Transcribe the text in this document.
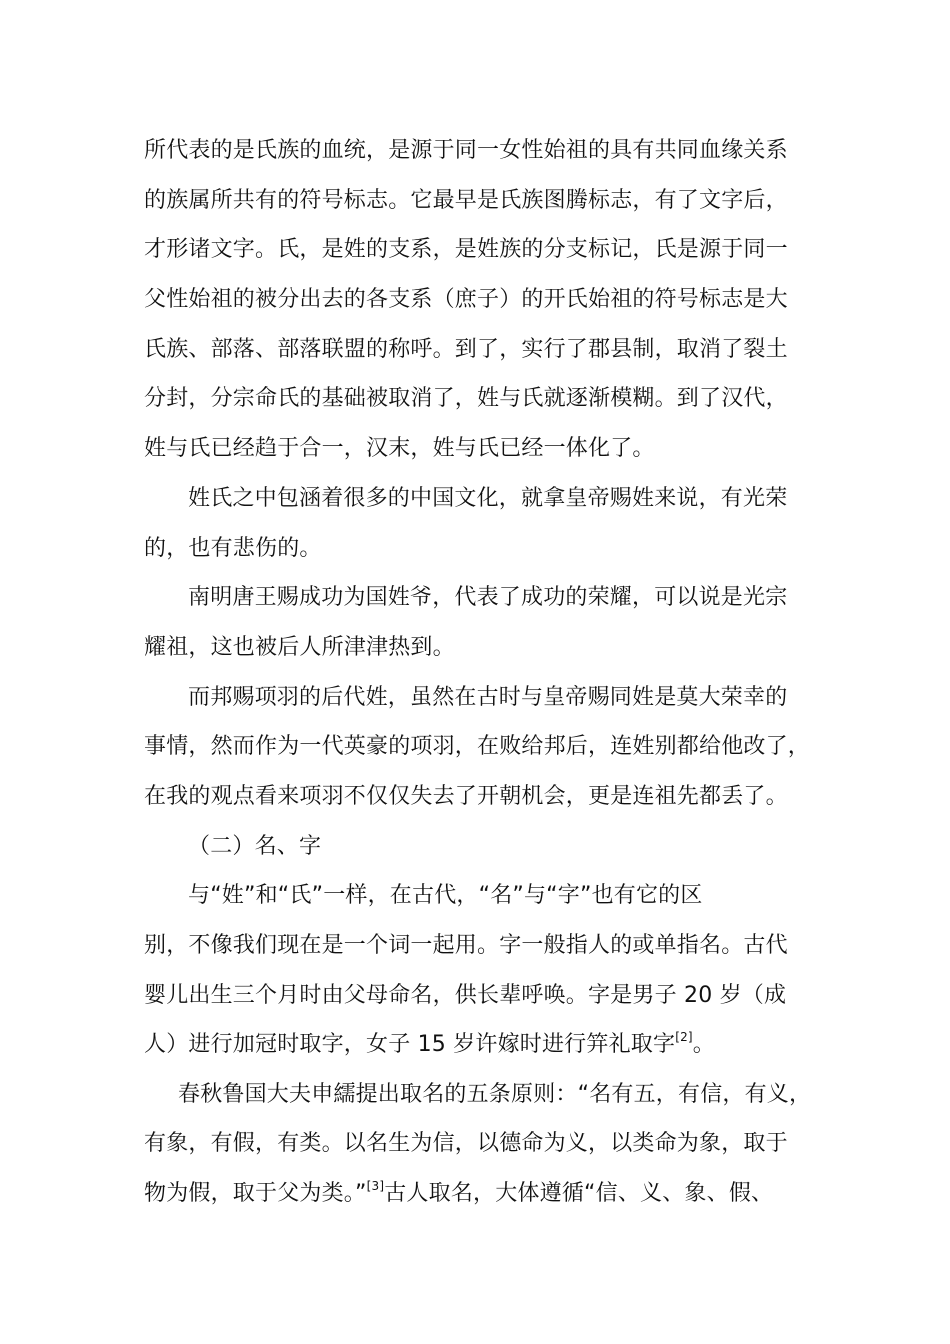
所代表的是氏族的血统，是源于同一女性始祖的具有共同血缘关系
的族属所共有的符号标志。它最早是氏族图腾标志，有了文字后，
才形诸文字。氏，是姓的支系，是姓族的分支标记，氏是源于同一
父性始祖的被分出去的各支系（庶子）的开氏始祖的符号标志是大
氏族、部落、部落联盟的称呼。到了，实行了郡县制，取消了裂土
分封，分宗命氏的基础被取消了，姓与氏就逐渐模糊。到了汉代，
姓与氏已经趋于合一，汉末，姓与氏已经一体化了。
姓氏之中包涵着很多的中国文化，就拿皇帝赐姓来说，有光荣
的，也有悲伤的。
南明唐王赐成功为国姓爷，代表了成功的荣耀，可以说是光宗
耀祖，这也被后人所津津热到。
而邦赐项羽的后代姓，虽然在古时与皇帝赐同姓是莫大荣幸的
事情，然而作为一代英豪的项羽，在败给邦后，连姓别都给他改了，
在我的观点看来项羽不仅仅失去了开朝机会，更是连祖先都丢了。
（二）名、字
与“姓”和“氏”一样，在古代，“名”与“字”也有它的区
别，不像我们现在是一个词一起用。字一般指人的或单指名。古代
婴儿出生三个月时由父母命名，供长辈呼唤。字是男子 20 岁（成
人）进行加冠时取字，女子 15 岁许嫁时进行笄礼取字[2]。
春秋鲁国大夫申繻提出取名的五条原则：“名有五，有信，有义，
有象，有假，有类。以名生为信，以德命为义，以类命为象，取于
物为假，取于父为类。”[3]古人取名，大体遵循“信、义、象、假、
